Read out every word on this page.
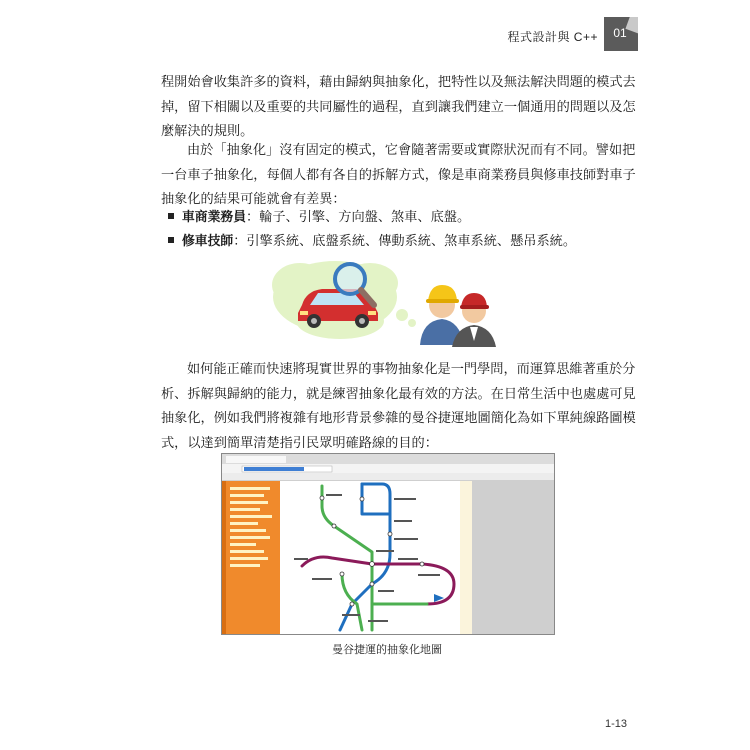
程式設計與 C++	01

程開始會收集許多的資料，藉由歸納與抽象化，把特性以及無法解決問題的模式去
掉，留下相關以及重要的共同屬性的過程，直到讓我們建立一個通用的問題以及怎
麼解決的規則。

由於「抽象化」沒有固定的模式，它會隨著需要或實際狀況而有不同。譬如把
一台車子抽象化，每個人都有各自的拆解方式，像是車商業務員與修車技師對車子
抽象化的結果可能就會有差異：

車商業務員：輪子、引擎、方向盤、煞車、底盤。
修車技師：引擎系統、底盤系統、傳動系統、煞車系統、懸吊系統。

如何能正確而快速將現實世界的事物抽象化是一門學問，而運算思維著重於分
析、拆解與歸納的能力，就是練習抽象化最有效的方法。在日常生活中也處處可見
抽象化，例如我們將複雜有地形背景參雜的曼谷捷運地圖簡化為如下單純線路圖模
式，以達到簡單清楚指引民眾明確路線的目的：

曼谷捷運的抽象化地圖
1-13
